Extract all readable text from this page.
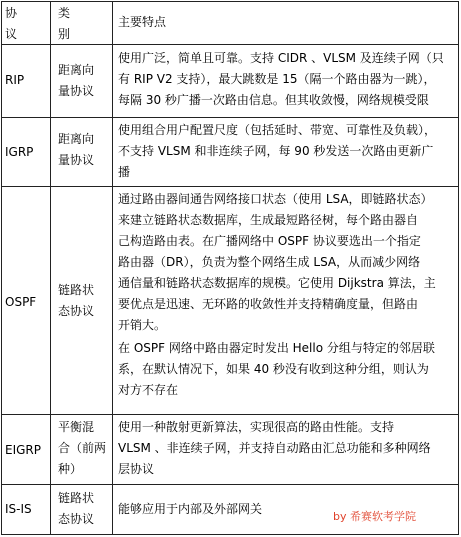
协
议
类
别
主要特点
RIP
距离向
量协议
使用广泛，简单且可靠。支持 CIDR 、VLSM 及连续子网（只
有 RIP V2 支持），最大跳数是 15（隔一个路由器为一跳），
每隔 30 秒广播一次路由信息。但其收敛慢，网络规模受限
IGRP
距离向
量协议
使用组合用户配置尺度（包括延时、带宽、可靠性及负载），
不支持 VLSM 和非连续子网，每 90 秒发送一次路由更新广
播
OSPF
链路状
态协议
通过路由器间通告网络接口状态（使用 LSA，即链路状态）
来建立链路状态数据库，生成最短路径树，每个路由器自
己构造路由表。在广播网络中 OSPF 协议要选出一个指定
路由器（DR），负责为整个网络生成 LSA，从而减少网络
通信量和链路状态数据库的规模。它使用 Dijkstra 算法，主
要优点是迅速、无环路的收敛性并支持精确度量，但路由
开销大。
在 OSPF 网络中路由器定时发出 Hello 分组与特定的邻居联
系，在默认情况下，如果 40 秒没有收到这种分组，则认为
对方不存在
EIGRP
平衡混
合（前两
种）
使用一种散射更新算法，实现很高的路由性能。支持
VLSM 、非连续子网，并支持自动路由汇总功能和多种网络
层协议
IS-IS
链路状
态协议
能够应用于内部及外部网关
by 希赛软考学院
